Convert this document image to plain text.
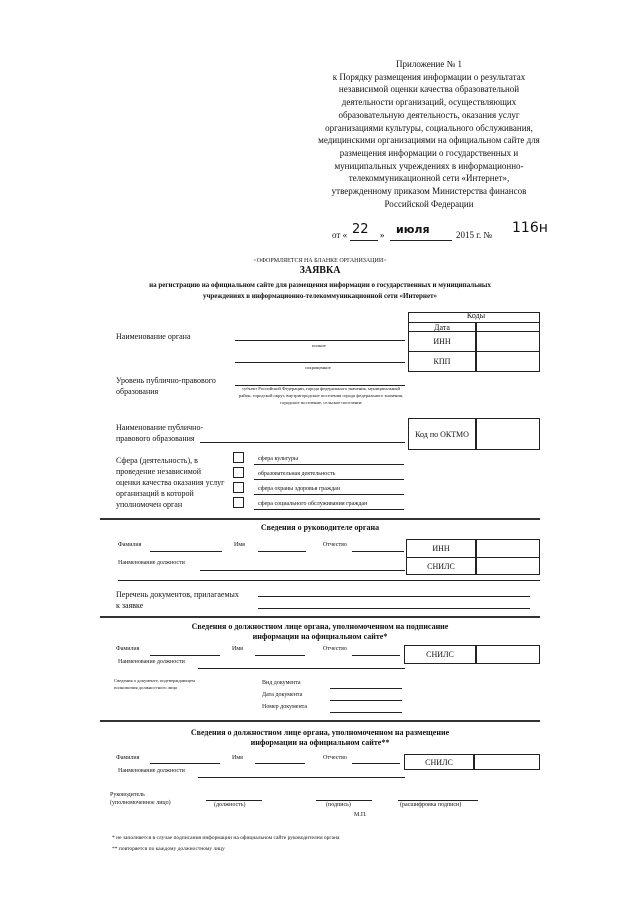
Приложение № 1
к Порядку размещения информации о результатах независимой оценки качества образовательной деятельности организаций, осуществляющих образовательную деятельность, оказания услуг организациями культуры, социального обслуживания, медицинскими организациями на официальном сайте для размещения информации о государственных и муниципальных учреждениях в информационно-телекоммуникационной сети «Интернет», утвержденному приказом Министерства финансов Российской Федерации
от « 22 » июля	2015 г. № 116н
<ОФОРМЛЯЕТСЯ НА БЛАНКЕ ОРГАНИЗАЦИИ>
ЗАЯВКА
на регистрацию на официальном сайте для размещения информации о государственных и муниципальных
учреждениях в информационно-телекоммуникационной сети «Интернет»
Коды
Дата
ИНН
КПП
Наименование органа
полное
сокращенное
Уровень публично-правового образования	субъект Российской Федерации, города федерального значения, муниципальный район, городской округ, внутригородские поселения города федерального значения, городское поселение, сельское поселение
Наименование публично-правового образования	Код по ОКТМО
Сфера (деятельность), в проведение независимой оценки качества оказания услуг организаций в которой уполномочен орган
сфера культуры
образовательная деятельность
сфера охраны здоровья граждан
сфера социального обслуживания граждан
Сведения о руководителе органа
Фамилия	Имя	Отчество
Наименование должности
ИНН
СНИЛС
Перечень документов, прилагаемых
к заявке
Сведения о должностном лице органа, уполномоченном на подписание
информации на официальном сайте*
Фамилия	Имя	Отчество
Наименование должности
СНИЛС
Сведения о документе, подтверждающем
полномочия должностного лица
Вид документа
Дата документа
Номер документа
Сведения о должностном лице органа, уполномоченном на размещение
информации на официальном сайте**
Фамилия	Имя	Отчество
Наименование должности
СНИЛС
Руководитель
(уполномоченное лицо)	(должность)	(подпись)	(расшифровка подписи)
М.П.
* не заполняется в случае подписания информации на официальном сайте руководителем органа
** повторяется по каждому должностному лицу
